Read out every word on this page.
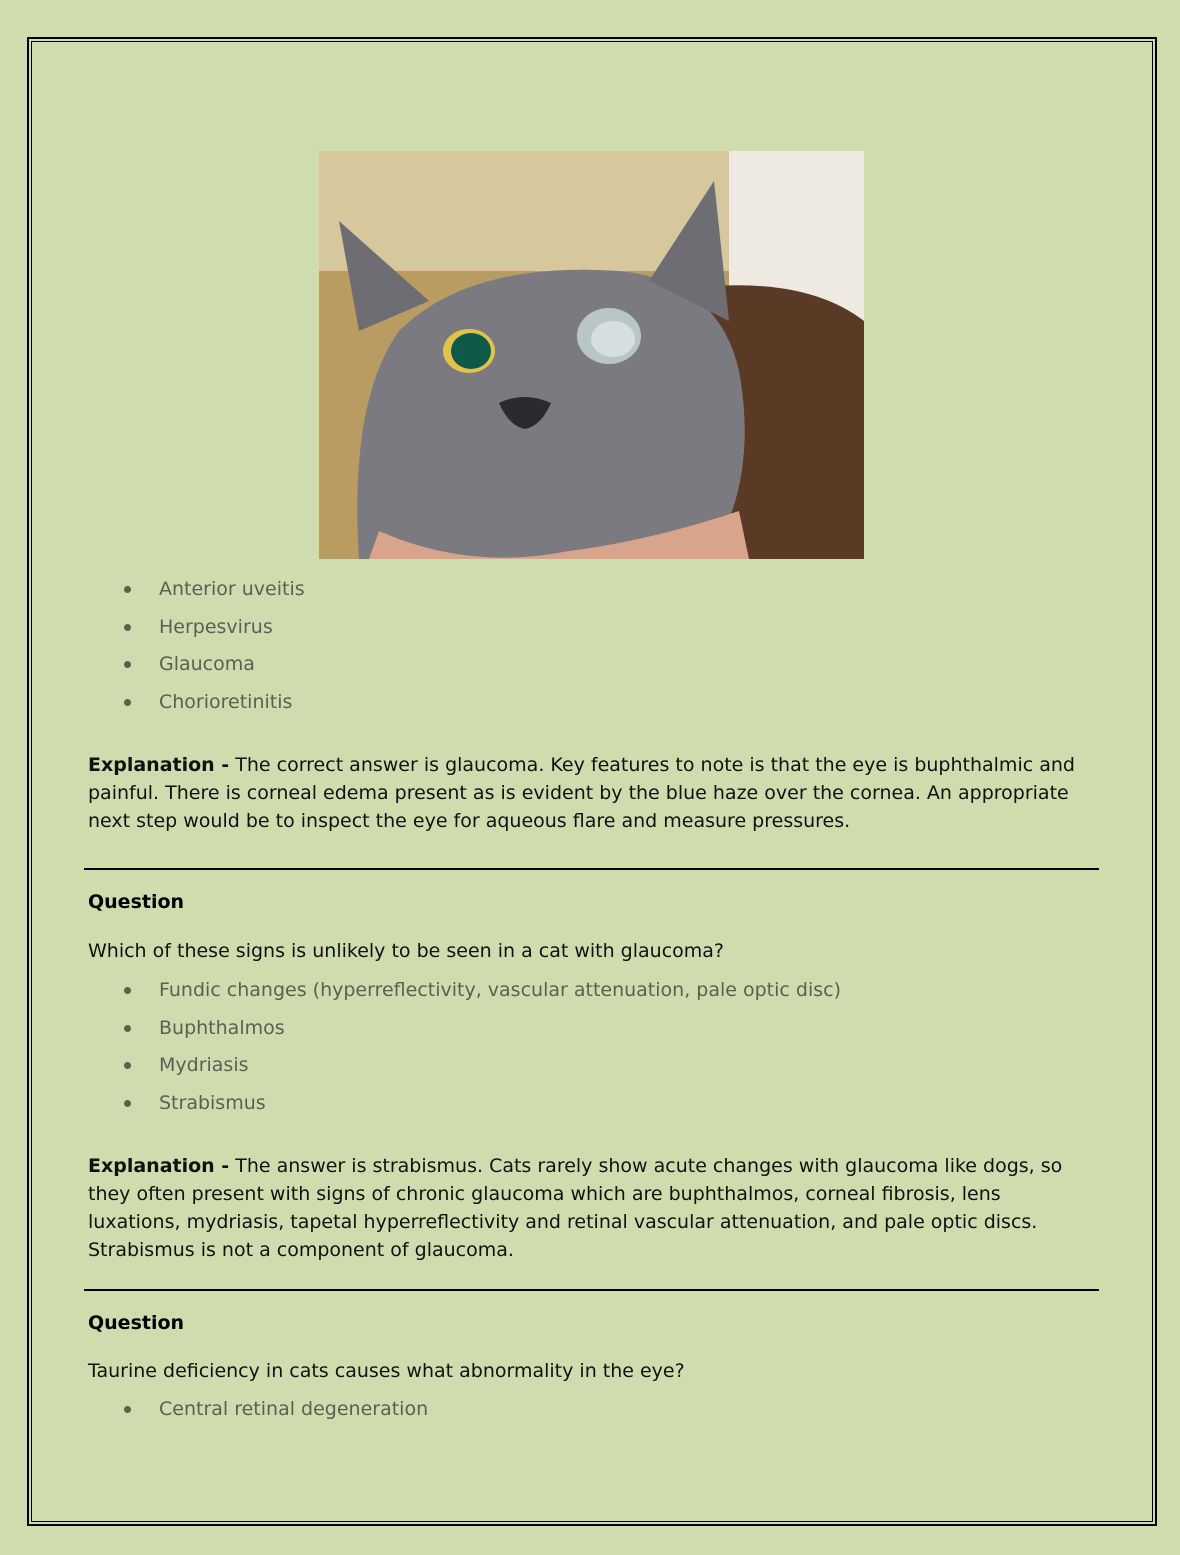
Anterior uveitis
Herpesvirus
Glaucoma
Chorioretinitis
Explanation - The correct answer is glaucoma. Key features to note is that the eye is buphthalmic and painful. There is corneal edema present as is evident by the blue haze over the cornea. An appropriate next step would be to inspect the eye for aqueous flare and measure pressures.
Question
Which of these signs is unlikely to be seen in a cat with glaucoma?
Fundic changes (hyperreflectivity, vascular attenuation, pale optic disc)
Buphthalmos
Mydriasis
Strabismus
Explanation - The answer is strabismus. Cats rarely show acute changes with glaucoma like dogs, so they often present with signs of chronic glaucoma which are buphthalmos, corneal fibrosis, lens luxations, mydriasis, tapetal hyperreflectivity and retinal vascular attenuation, and pale optic discs. Strabismus is not a component of glaucoma.
Question
Taurine deficiency in cats causes what abnormality in the eye?
Central retinal degeneration
